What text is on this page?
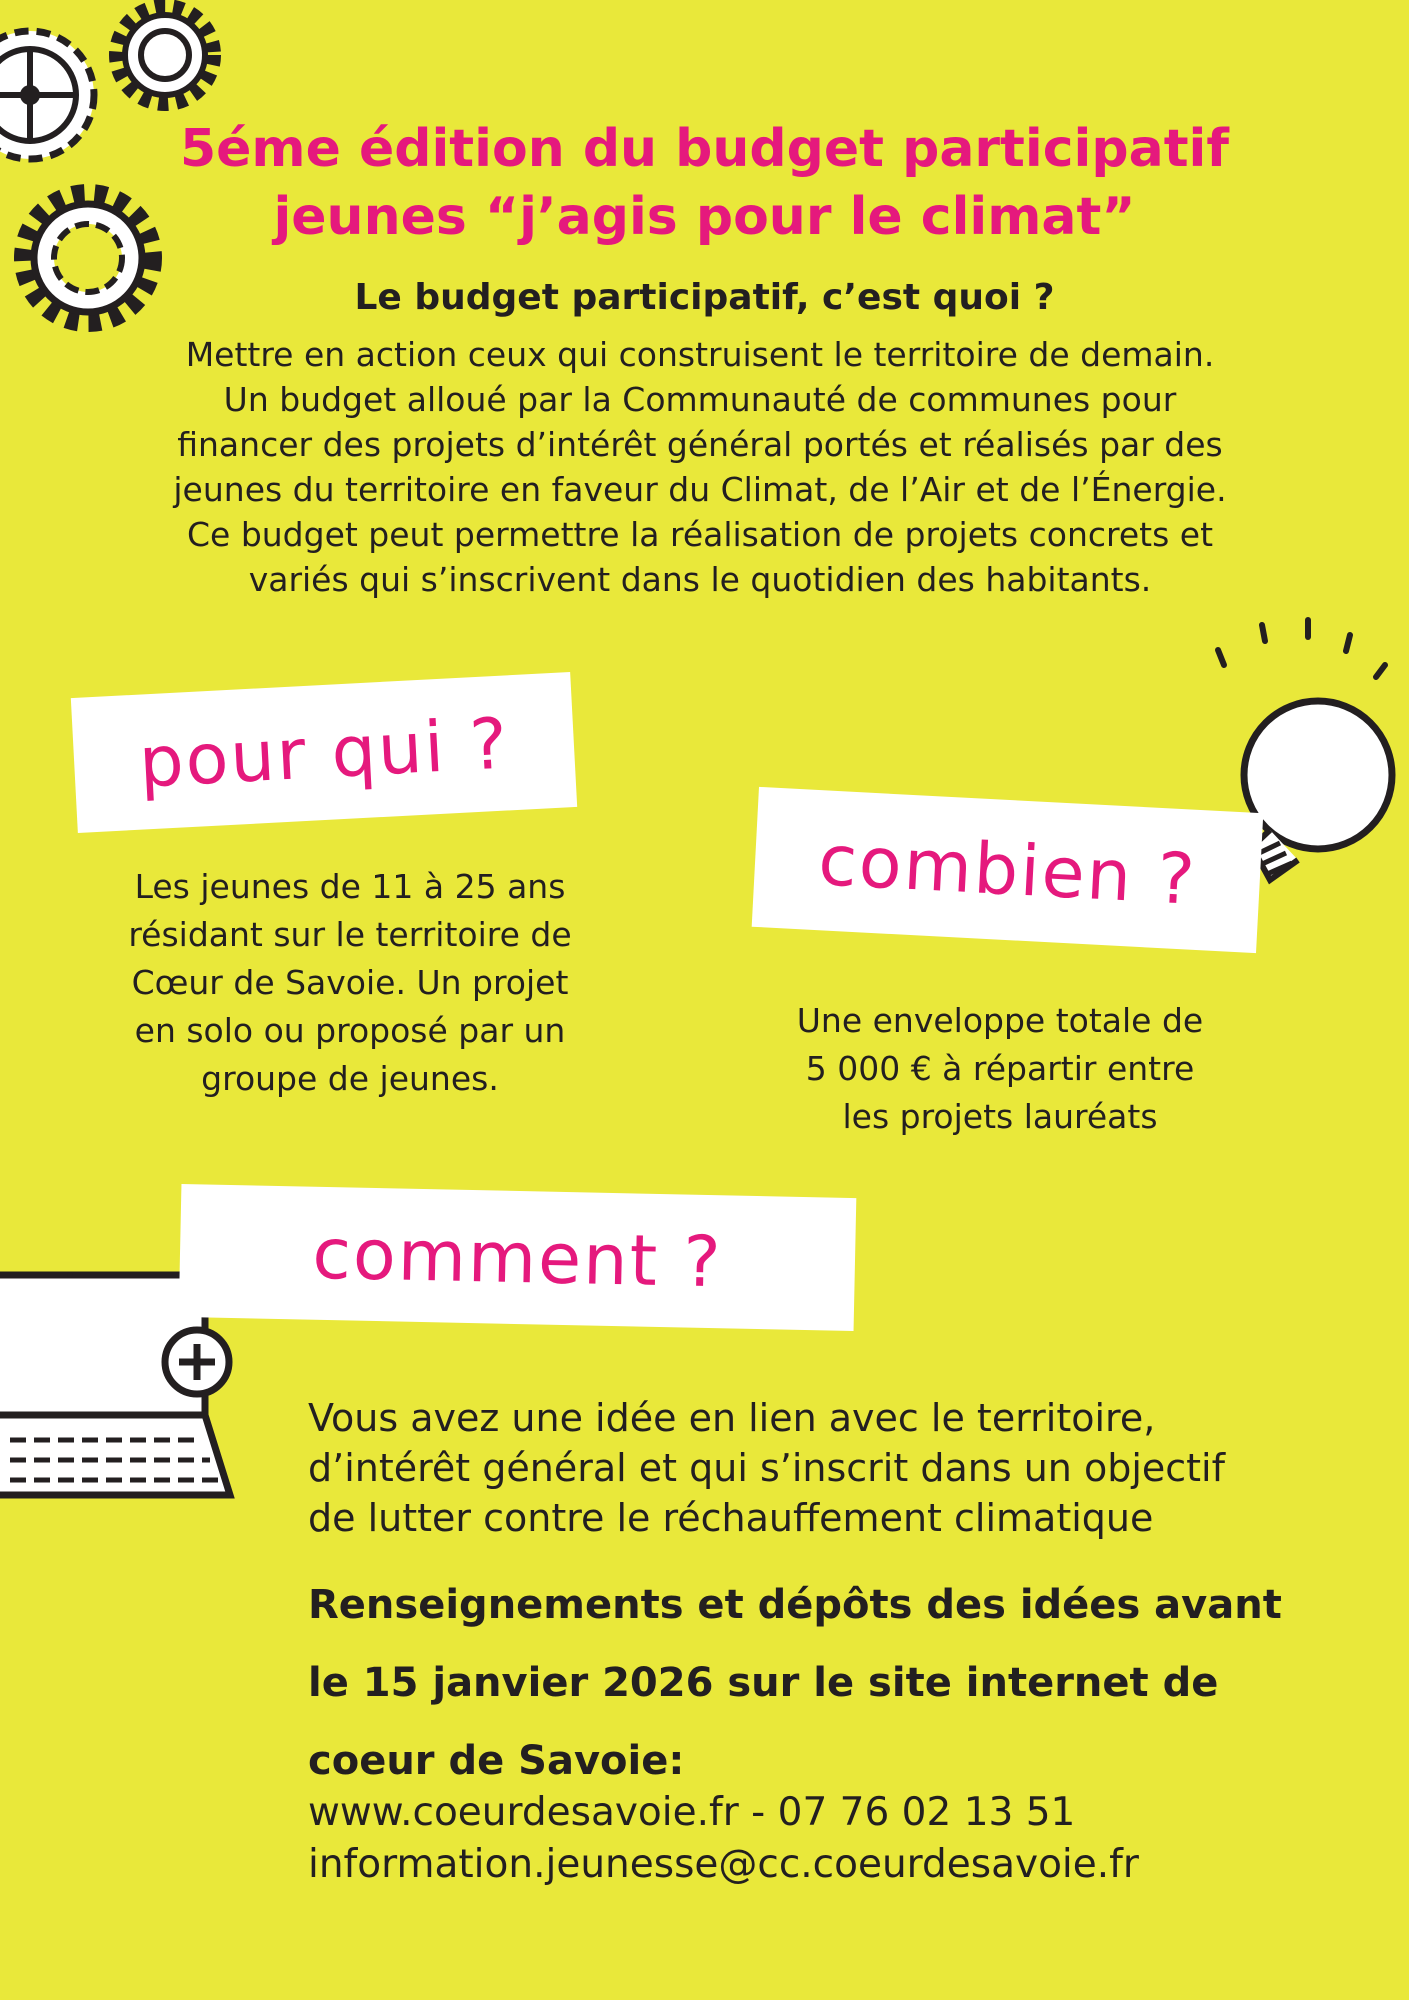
5éme édition du budget participatif
jeunes “j’agis pour le climat”
Le budget participatif, c’est quoi ?
Mettre en action ceux qui construisent le territoire de demain.
Un budget alloué par la Communauté de communes pour
financer des projets d’intérêt général portés et réalisés par des
jeunes du territoire en faveur du Climat, de l’Air et de l’Énergie.
Ce budget peut permettre la réalisation de projets concrets et
variés qui s’inscrivent dans le quotidien des habitants.
pour qui ?
Les jeunes de 11 à 25 ans
résidant sur le territoire de
Cœur de Savoie. Un projet
en solo ou proposé par un
groupe de jeunes.
combien ?
Une enveloppe totale de
5 000 € à répartir entre
les projets lauréats
comment ?

Vous avez une idée en lien avec le territoire,

d’intérêt général et qui s’inscrit dans un objectif

de lutter contre le réchauffement climatique

Renseignements et dépôts des idées avant

le 15 janvier 2026 sur le site internet de

coeur de Savoie:

www.coeurdesavoie.fr - 07 76 02 13 51

information.jeunesse@cc.coeurdesavoie.fr
